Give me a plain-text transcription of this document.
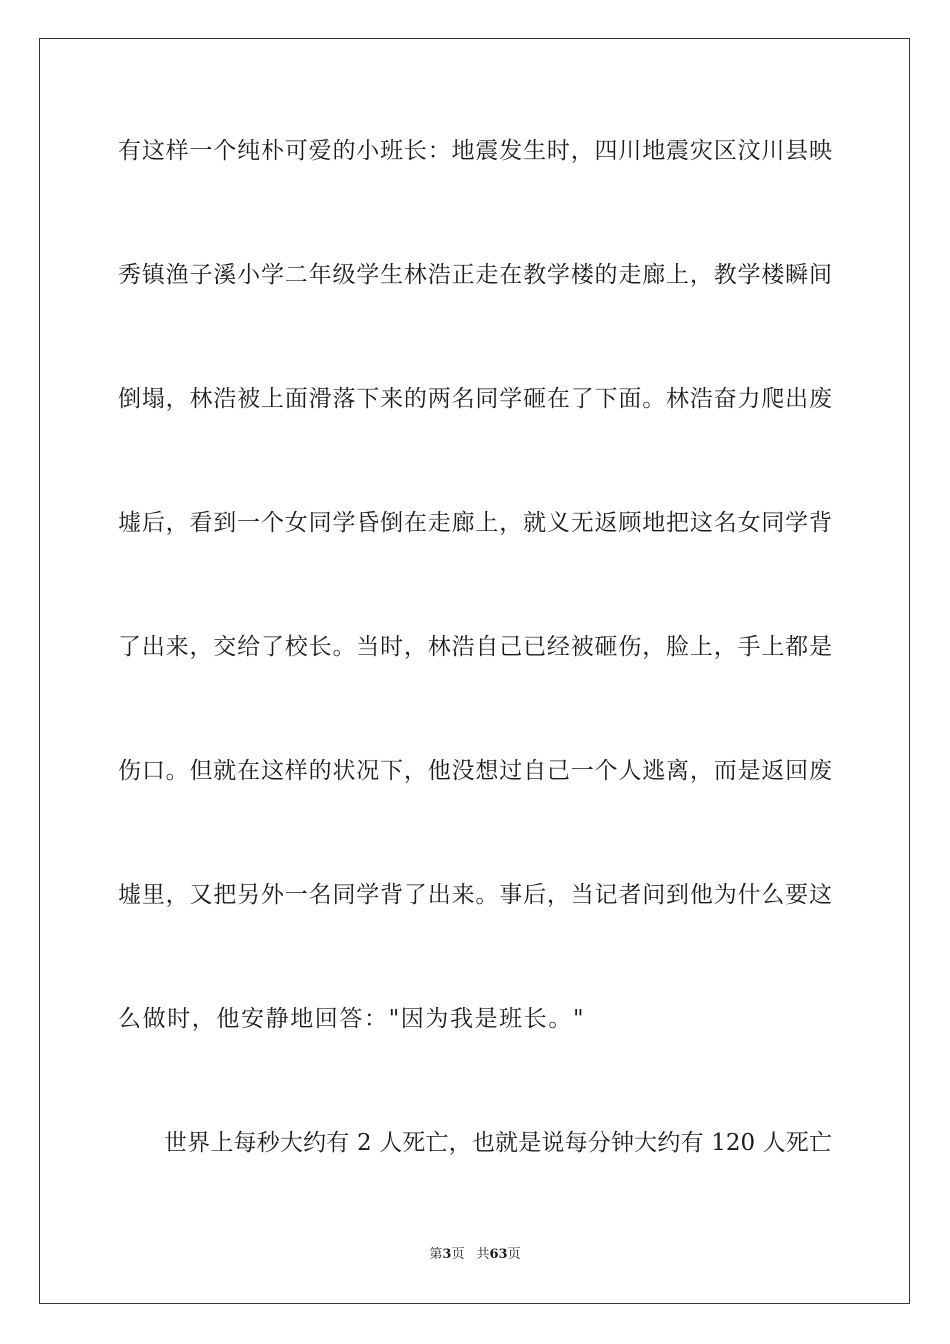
有这样一个纯朴可爱的小班长：地震发生时，四川地震灾区汶川县映
秀镇渔子溪小学二年级学生林浩正走在教学楼的走廊上，教学楼瞬间
倒塌，林浩被上面滑落下来的两名同学砸在了下面。林浩奋力爬出废
墟后，看到一个女同学昏倒在走廊上，就义无返顾地把这名女同学背
了出来，交给了校长。当时，林浩自己已经被砸伤，脸上，手上都是
伤口。但就在这样的状况下，他没想过自己一个人逃离，而是返回废
墟里，又把另外一名同学背了出来。事后，当记者问到他为什么要这
么做时，他安静地回答："因为我是班长。"
世界上每秒大约有 2 人死亡，也就是说每分钟大约有 120 人死亡
第3页 共63页
